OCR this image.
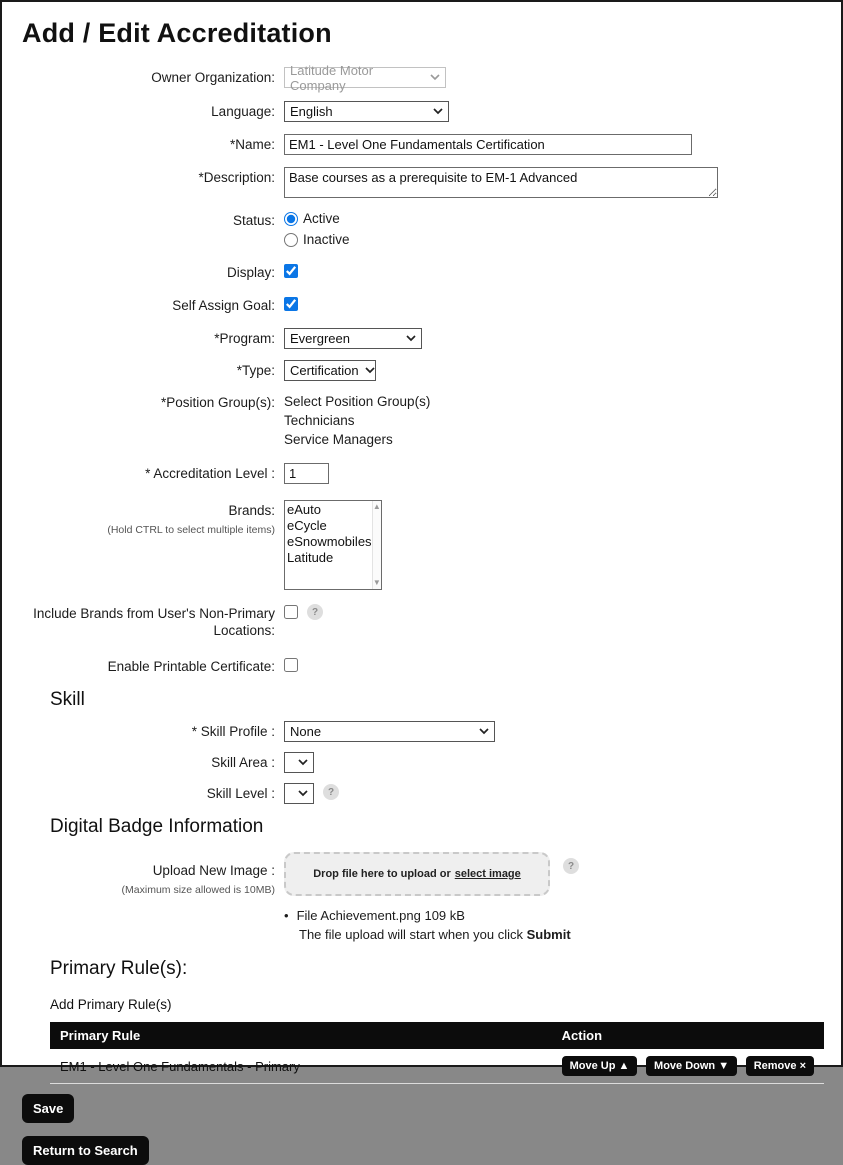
Add / Edit Accreditation
Owner Organization:	Latitude Motor Company
Language:	English
*Name:
EM1 - Level One Fundamentals Certification
*Description:
Base courses as a prerequisite to EM-1 Advanced
Status:	Active
Inactive
Display:
Self Assign Goal:
*Program:	Evergreen
*Type:	Certification
*Position Group(s): Select Position Group(s)
Technicians
Service Managers
* Accreditation Level :
1
Brands:
(Hold CTRL to select multiple items)
eAuto
eCycle
eSnowmobiles
Latitude
▲
▼
Include Brands from User's Non-Primary Locations:
?
Enable Printable Certificate:
Skill
* Skill Profile :	None
Skill Area :
Skill Level :	?
Digital Badge Information
Upload New Image :
(Maximum size allowed is 10MB)
Drop file here to upload or select image
?
• File Achievement.png 109 kB
The file upload will start when you click Submit
Primary Rule(s):
Add Primary Rule(s)
Primary Rule	Action
EM1 - Level One Fundamentals - Primary	Move Up ▲ Move Down ▼ Remove ×
Save
Return to Search
